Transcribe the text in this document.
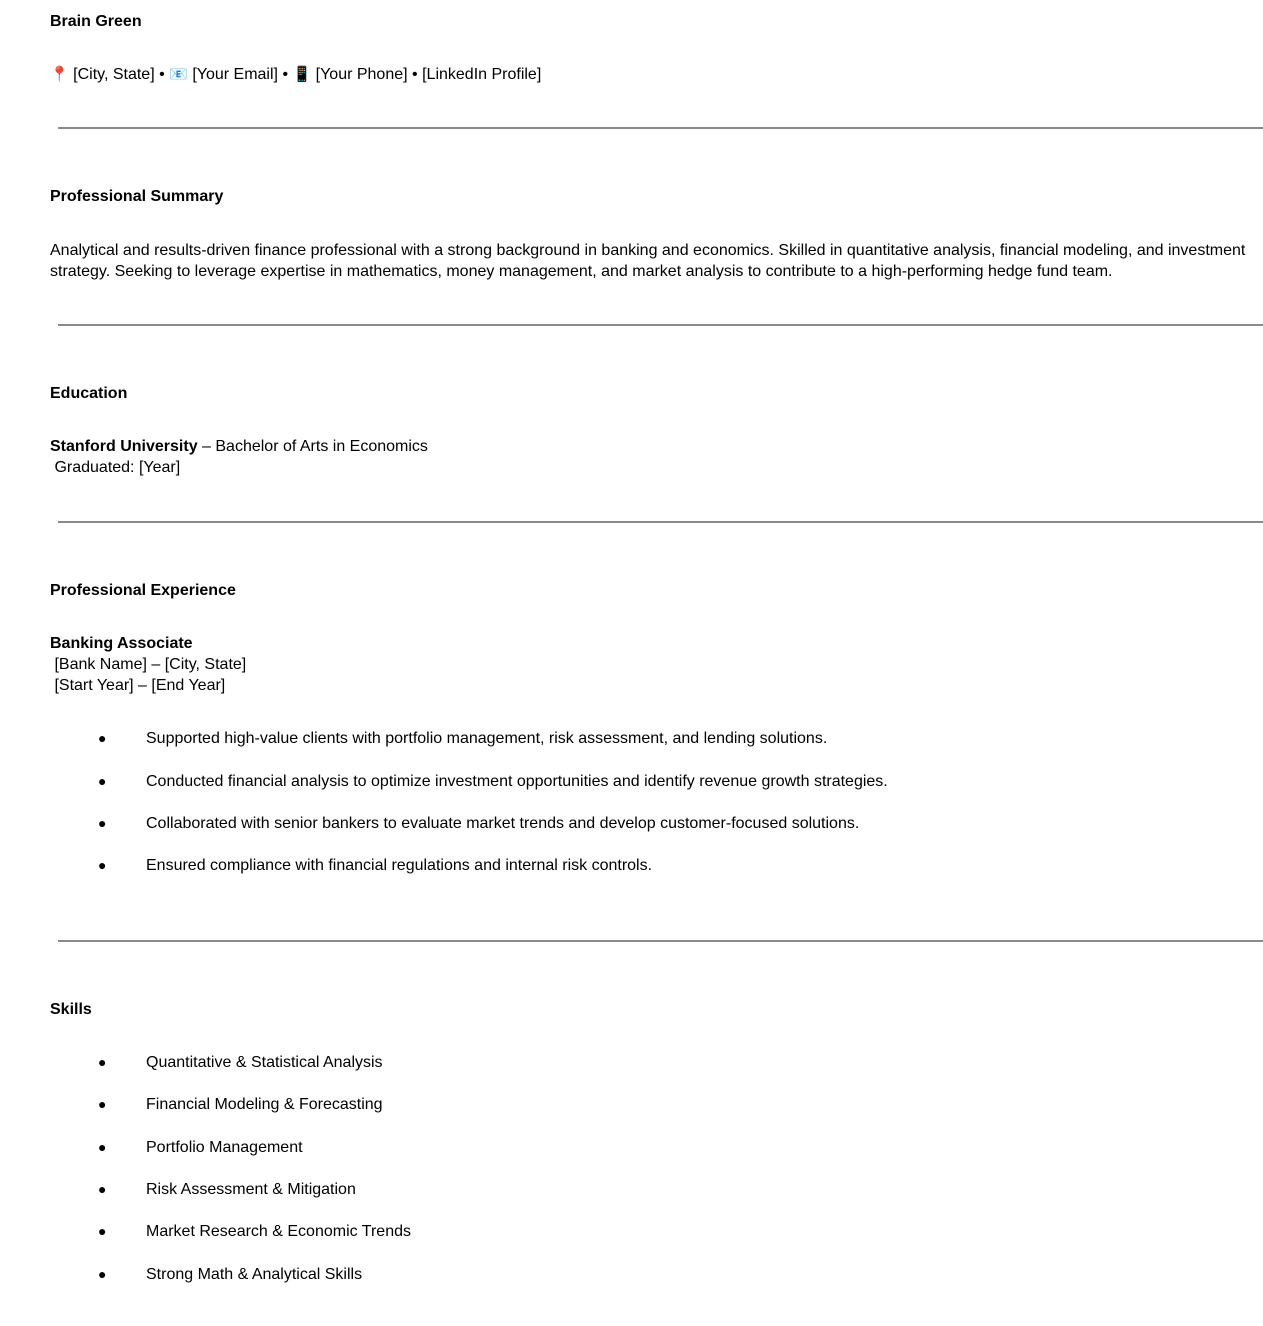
Brain Green
📍 [City, State] • 📧 [Your Email] • 📱 [Your Phone] • [LinkedIn Profile]
Professional Summary
Analytical and results-driven finance professional with a strong background in banking and economics. Skilled in quantitative analysis, financial modeling, and investment strategy. Seeking to leverage expertise in mathematics, money management, and market analysis to contribute to a high-performing hedge fund team.
Education
Stanford University – Bachelor of Arts in Economics
Graduated: [Year]
Professional Experience
Banking Associate
[Bank Name] – [City, State]
[Start Year] – [End Year]
● Supported high-value clients with portfolio management, risk assessment, and lending solutions.
● Conducted financial analysis to optimize investment opportunities and identify revenue growth strategies.
● Collaborated with senior bankers to evaluate market trends and develop customer-focused solutions.
● Ensured compliance with financial regulations and internal risk controls.
Skills
● Quantitative & Statistical Analysis
● Financial Modeling & Forecasting
● Portfolio Management
● Risk Assessment & Mitigation
● Market Research & Economic Trends
● Strong Math & Analytical Skills
